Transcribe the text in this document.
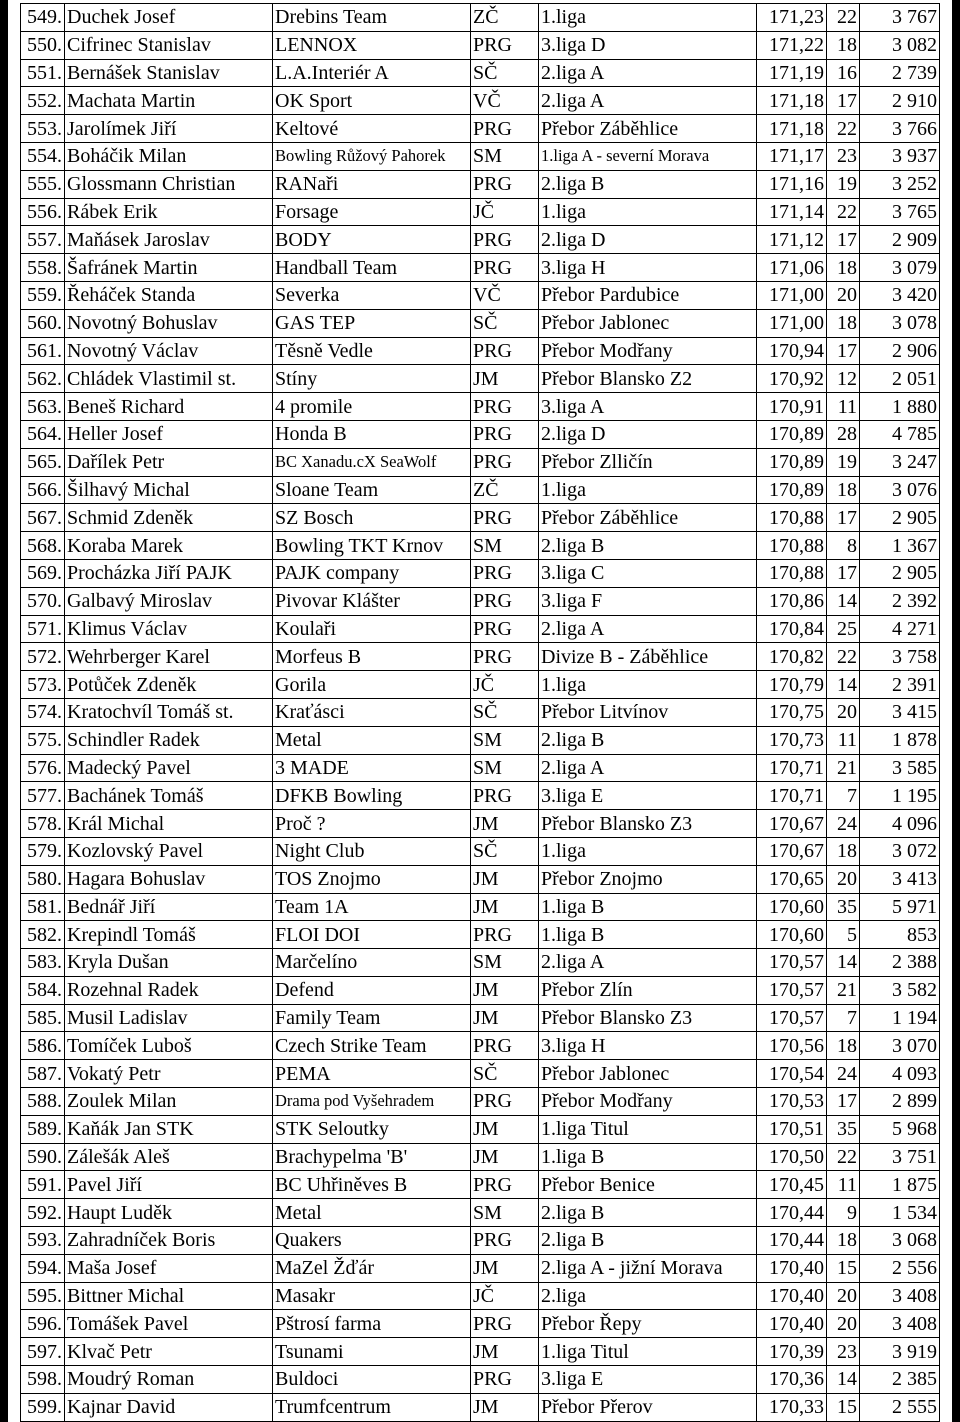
549.	Duchek Josef	Drebins Team	ZČ	1.liga	171,23	22	3 767
550.	Cifrinec Stanislav	LENNOX	PRG	3.liga D	171,22	18	3 082
551.	Bernášek Stanislav	L.A.Interiér A	SČ	2.liga A	171,19	16	2 739
552.	Machata Martin	OK Sport	VČ	2.liga A	171,18	17	2 910
553.	Jarolímek Jiří	Keltové	PRG	Přebor Záběhlice	171,18	22	3 766
554.	Boháčik Milan	Bowling Růžový Pahorek	SM	1.liga A - severní Morava	171,17	23	3 937
555.	Glossmann Christian	RANaři	PRG	2.liga B	171,16	19	3 252
556.	Rábek Erik	Forsage	JČ	1.liga	171,14	22	3 765
557.	Maňásek Jaroslav	BODY	PRG	2.liga D	171,12	17	2 909
558.	Šafránek Martin	Handball Team	PRG	3.liga H	171,06	18	3 079
559.	Řeháček Standa	Severka	VČ	Přebor Pardubice	171,00	20	3 420
560.	Novotný Bohuslav	GAS TEP	SČ	Přebor Jablonec	171,00	18	3 078
561.	Novotný Václav	Těsně Vedle	PRG	Přebor Modřany	170,94	17	2 906
562.	Chládek Vlastimil st.	Stíny	JM	Přebor Blansko Z2	170,92	12	2 051
563.	Beneš Richard	4 promile	PRG	3.liga A	170,91	11	1 880
564.	Heller Josef	Honda B	PRG	2.liga D	170,89	28	4 785
565.	Dařílek Petr	BC Xanadu.cX SeaWolf	PRG	Přebor Zlličín	170,89	19	3 247
566.	Šilhavý Michal	Sloane Team	ZČ	1.liga	170,89	18	3 076
567.	Schmid Zdeněk	SZ Bosch	PRG	Přebor Záběhlice	170,88	17	2 905
568.	Koraba Marek	Bowling TKT Krnov	SM	2.liga B	170,88	8	1 367
569.	Procházka Jiří PAJK	PAJK company	PRG	3.liga C	170,88	17	2 905
570.	Galbavý Miroslav	Pivovar Klášter	PRG	3.liga F	170,86	14	2 392
571.	Klimus Václav	Koulaři	PRG	2.liga A	170,84	25	4 271
572.	Wehrberger Karel	Morfeus B	PRG	Divize B - Záběhlice	170,82	22	3 758
573.	Potůček Zdeněk	Gorila	JČ	1.liga	170,79	14	2 391
574.	Kratochvíl Tomáš st.	Kraťásci	SČ	Přebor Litvínov	170,75	20	3 415
575.	Schindler Radek	Metal	SM	2.liga B	170,73	11	1 878
576.	Madecký Pavel	3 MADE	SM	2.liga A	170,71	21	3 585
577.	Bachánek Tomáš	DFKB Bowling	PRG	3.liga E	170,71	7	1 195
578.	Král Michal	Proč ?	JM	Přebor Blansko Z3	170,67	24	4 096
579.	Kozlovský Pavel	Night Club	SČ	1.liga	170,67	18	3 072
580.	Hagara Bohuslav	TOS Znojmo	JM	Přebor Znojmo	170,65	20	3 413
581.	Bednář Jiří	Team 1A	JM	1.liga B	170,60	35	5 971
582.	Krepindl Tomáš	FLOI DOI	PRG	1.liga B	170,60	5	853
583.	Kryla Dušan	Marčelíno	SM	2.liga A	170,57	14	2 388
584.	Rozehnal Radek	Defend	JM	Přebor Zlín	170,57	21	3 582
585.	Musil Ladislav	Family Team	JM	Přebor Blansko Z3	170,57	7	1 194
586.	Tomíček Luboš	Czech Strike Team	PRG	3.liga H	170,56	18	3 070
587.	Vokatý Petr	PEMA	SČ	Přebor Jablonec	170,54	24	4 093
588.	Zoulek Milan	Drama pod Vyšehradem	PRG	Přebor Modřany	170,53	17	2 899
589.	Kaňák Jan STK	STK Seloutky	JM	1.liga Titul	170,51	35	5 968
590.	Zálešák Aleš	Brachypelma 'B'	JM	1.liga B	170,50	22	3 751
591.	Pavel Jiří	BC Uhřiněves B	PRG	Přebor Benice	170,45	11	1 875
592.	Haupt Luděk	Metal	SM	2.liga B	170,44	9	1 534
593.	Zahradníček Boris	Quakers	PRG	2.liga B	170,44	18	3 068
594.	Maša Josef	MaZel Žďár	JM	2.liga A - jižní Morava	170,40	15	2 556
595.	Bittner Michal	Masakr	JČ	2.liga	170,40	20	3 408
596.	Tomášek Pavel	Pštrosí farma	PRG	Přebor Řepy	170,40	20	3 408
597.	Klvač Petr	Tsunami	JM	1.liga Titul	170,39	23	3 919
598.	Moudrý Roman	Buldoci	PRG	3.liga E	170,36	14	2 385
599.	Kajnar David	Trumfcentrum	JM	Přebor Přerov	170,33	15	2 555
